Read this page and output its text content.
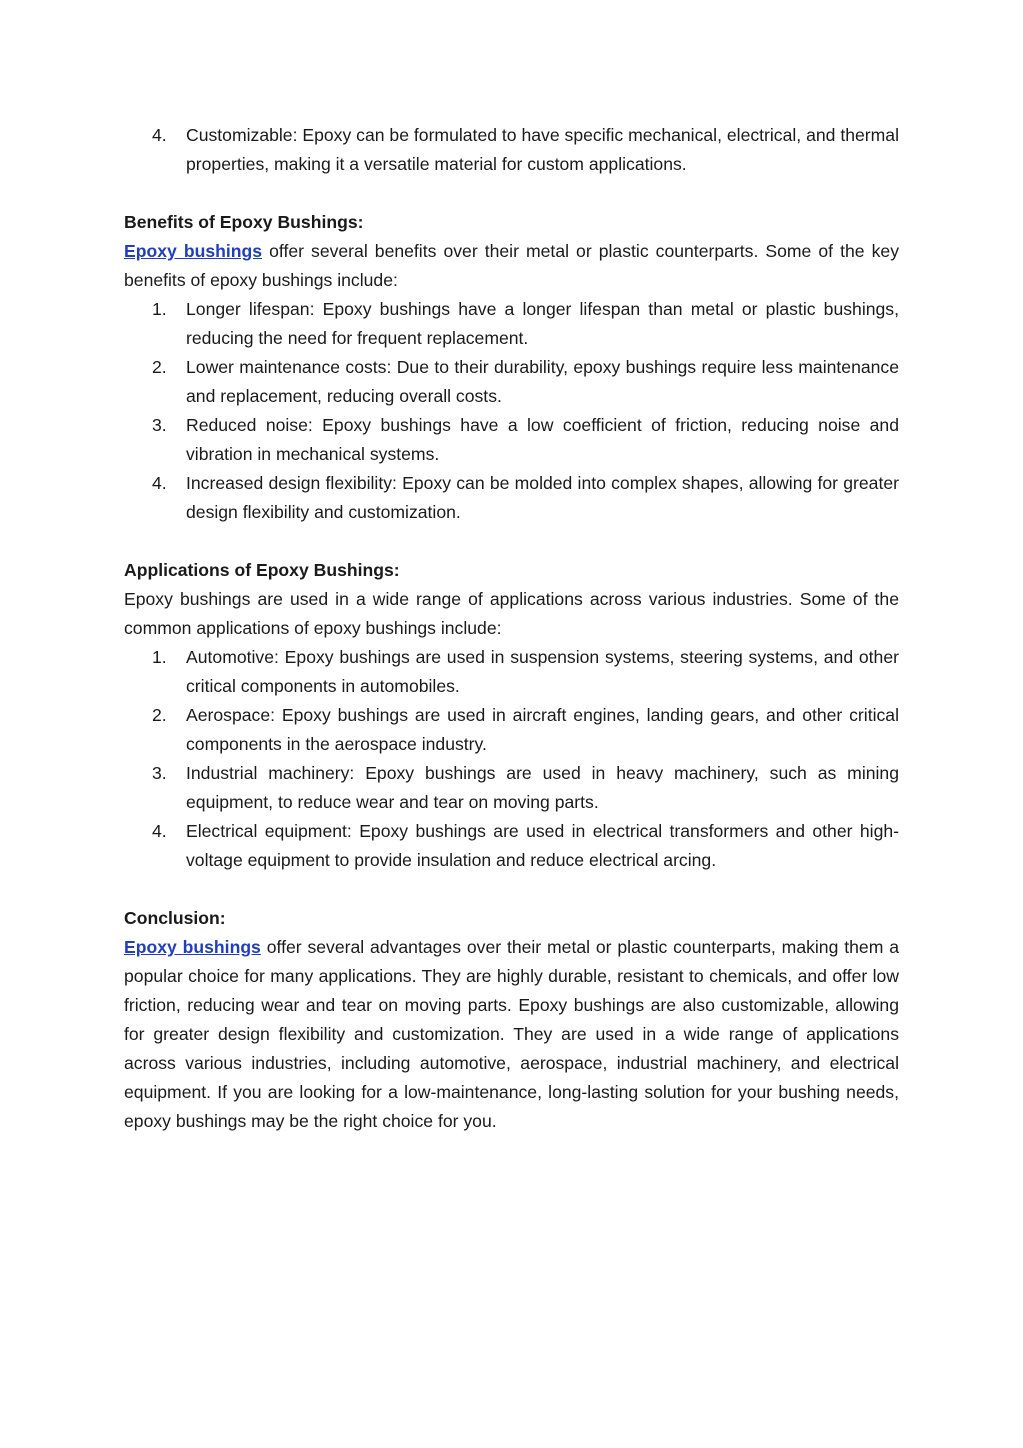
4.	Customizable: Epoxy can be formulated to have specific mechanical, electrical, and thermal properties, making it a versatile material for custom applications.

Benefits of Epoxy Bushings:

Epoxy bushings offer several benefits over their metal or plastic counterparts. Some of the key benefits of epoxy bushings include:

1.	Longer lifespan: Epoxy bushings have a longer lifespan than metal or plastic bushings, reducing the need for frequent replacement.
2.	Lower maintenance costs: Due to their durability, epoxy bushings require less maintenance and replacement, reducing overall costs.
3.	Reduced noise: Epoxy bushings have a low coefficient of friction, reducing noise and vibration in mechanical systems.
4.	Increased design flexibility: Epoxy can be molded into complex shapes, allowing for greater design flexibility and customization.

Applications of Epoxy Bushings:

Epoxy bushings are used in a wide range of applications across various industries. Some of the common applications of epoxy bushings include:

1.	Automotive: Epoxy bushings are used in suspension systems, steering systems, and other critical components in automobiles.
2.	Aerospace: Epoxy bushings are used in aircraft engines, landing gears, and other critical components in the aerospace industry.
3.	Industrial machinery: Epoxy bushings are used in heavy machinery, such as mining equipment, to reduce wear and tear on moving parts.
4.	Electrical equipment: Epoxy bushings are used in electrical transformers and other high-voltage equipment to provide insulation and reduce electrical arcing.

Conclusion:

Epoxy bushings offer several advantages over their metal or plastic counterparts, making them a popular choice for many applications. They are highly durable, resistant to chemicals, and offer low friction, reducing wear and tear on moving parts. Epoxy bushings are also customizable, allowing for greater design flexibility and customization. They are used in a wide range of applications across various industries, including automotive, aerospace, industrial machinery, and electrical equipment. If you are looking for a low-maintenance, long-lasting solution for your bushing needs, epoxy bushings may be the right choice for you.
